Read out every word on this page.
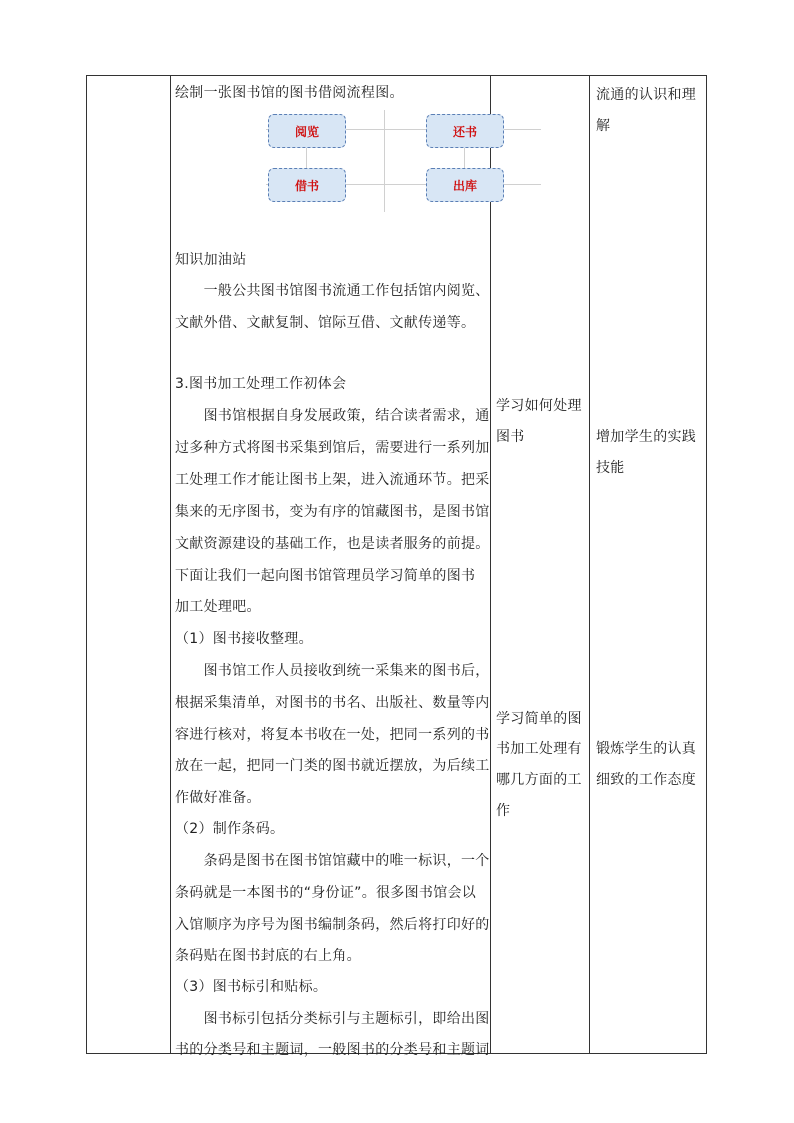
绘制一张图书馆的图书借阅流程图。
阅览	还书
借书	出库
知识加油站
　　一般公共图书馆图书流通工作包括馆内阅览、
文献外借、文献复制、馆际互借、文献传递等。
3.图书加工处理工作初体会
　　图书馆根据自身发展政策，结合读者需求，通
过多种方式将图书采集到馆后，需要进行一系列加
工处理工作才能让图书上架，进入流通环节。把采
集来的无序图书，变为有序的馆藏图书，是图书馆
文献资源建设的基础工作，也是读者服务的前提。
下面让我们一起向图书馆管理员学习简单的图书
加工处理吧。
（1）图书接收整理。
　　图书馆工作人员接收到统一采集来的图书后，
根据采集清单，对图书的书名、出版社、数量等内
容进行核对，将复本书收在一处，把同一系列的书
放在一起，把同一门类的图书就近摆放，为后续工
作做好准备。
（2）制作条码。
　　条码是图书在图书馆馆藏中的唯一标识，一个
条码就是一本图书的“身份证”。很多图书馆会以
入馆顺序为序号为图书编制条码，然后将打印好的
条码贴在图书封底的右上角。
（3）图书标引和贴标。
　　图书标引包括分类标引与主题标引，即给出图
书的分类号和主题词，一般图书的分类号和主题词
学习如何处理
图书
学习简单的图
书加工处理有
哪几方面的工
作
流通的认识和理
解
增加学生的实践
技能
锻炼学生的认真
细致的工作态度
